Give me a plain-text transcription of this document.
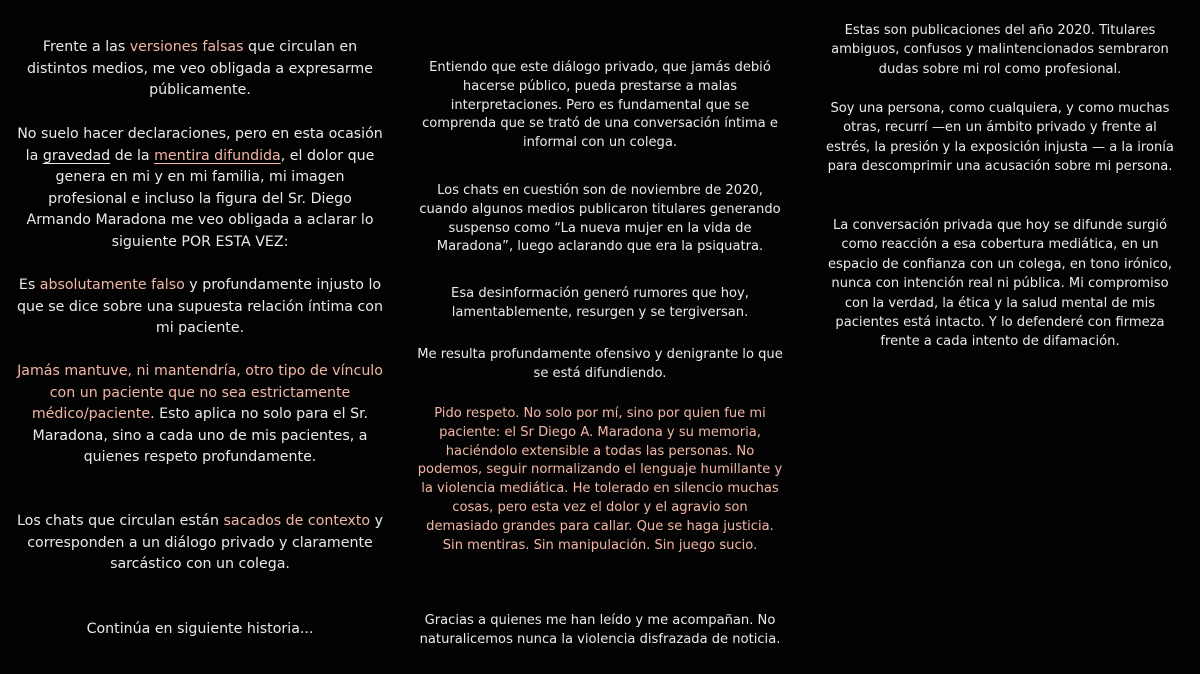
Frente a las versiones falsas que circulan en distintos medios, me veo obligada a expresarme públicamente.

No suelo hacer declaraciones, pero en esta ocasión la gravedad de la mentira difundida, el dolor que genera en mi y en mi familia, mi imagen profesional e incluso la figura del Sr. Diego Armando Maradona me veo obligada a aclarar lo siguiente POR ESTA VEZ:

Es absolutamente falso y profundamente injusto lo que se dice sobre una supuesta relación íntima con mi paciente.

Jamás mantuve, ni mantendría, otro tipo de vínculo con un paciente que no sea estrictamente médico/paciente. Esto aplica no solo para el Sr. Maradona, sino a cada uno de mis pacientes, a quienes respeto profundamente.

Los chats que circulan están sacados de contexto y corresponden a un diálogo privado y claramente sarcástico con un colega.

Continúa en siguiente historia...

Entiendo que este diálogo privado, que jamás debió hacerse público, pueda prestarse a malas interpretaciones. Pero es fundamental que se comprenda que se trató de una conversación íntima e informal con un colega.

Los chats en cuestión son de noviembre de 2020, cuando algunos medios publicaron titulares generando suspenso como “La nueva mujer en la vida de Maradona”, luego aclarando que era la psiquatra.

Esa desinformación generó rumores que hoy, lamentablemente, resurgen y se tergiversan.

Me resulta profundamente ofensivo y denigrante lo que se está difundiendo.

Pido respeto. No solo por mí, sino por quien fue mi paciente: el Sr Diego A. Maradona y su memoria, haciéndolo extensible a todas las personas. No podemos, seguir normalizando el lenguaje humillante y la violencia mediática. He tolerado en silencio muchas cosas, pero esta vez el dolor y el agravio son demasiado grandes para callar. Que se haga justicia. Sin mentiras. Sin manipulación. Sin juego sucio.

Gracias a quienes me han leído y me acompañan. No naturalicemos nunca la violencia disfrazada de noticia.

Estas son publicaciones del año 2020. Titulares ambiguos, confusos y malintencionados sembraron dudas sobre mi rol como profesional.

Soy una persona, como cualquiera, y como muchas otras, recurrí —en un ámbito privado y frente al estrés, la presión y la exposición injusta — a la ironía para descomprimir una acusación sobre mi persona.

La conversación privada que hoy se difunde surgió como reacción a esa cobertura mediática, en un espacio de confianza con un colega, en tono irónico, nunca con intención real ni pública. Mi compromiso con la verdad, la ética y la salud mental de mis pacientes está intacto. Y lo defenderé con firmeza frente a cada intento de difamación.
